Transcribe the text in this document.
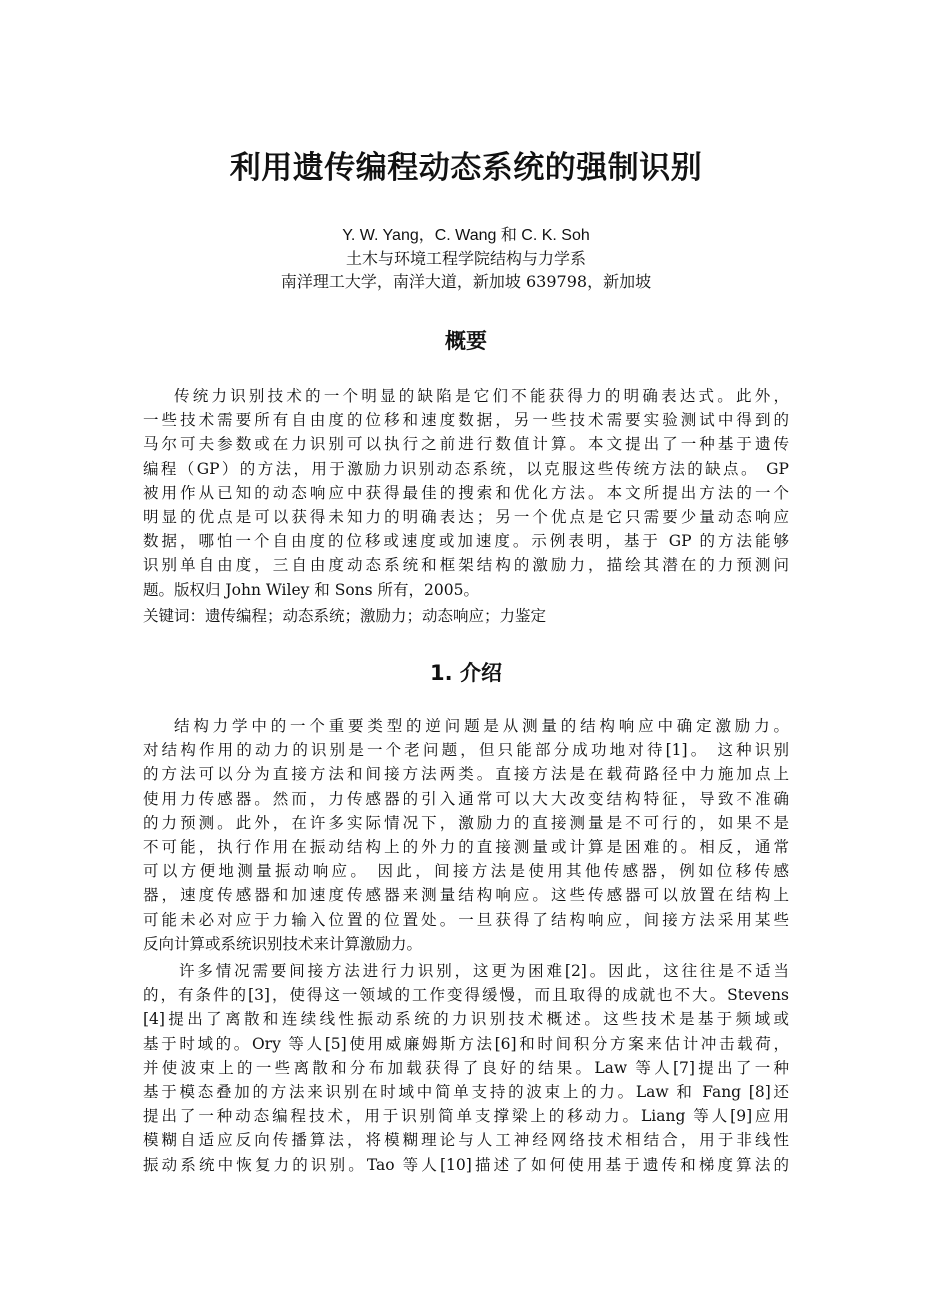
利用遗传编程动态系统的强制识别
Y. W. Yang，C. Wang 和 C. K. Soh
土木与环境工程学院结构与力学系
南洋理工大学，南洋大道，新加坡 639798，新加坡
概要
传统力识别技术的一个明显的缺陷是它们不能获得力的明确表达式。此外，
一些技术需要所有自由度的位移和速度数据，另一些技术需要实验测试中得到的
马尔可夫参数或在力识别可以执行之前进行数值计算。本文提出了一种基于遗传
编程（GP）的方法，用于激励力识别动态系统，以克服这些传统方法的缺点。 GP
被用作从已知的动态响应中获得最佳的搜索和优化方法。本文所提出方法的一个
明显的优点是可以获得未知力的明确表达；另一个优点是它只需要少量动态响应
数据，哪怕一个自由度的位移或速度或加速度。示例表明，基于 GP 的方法能够
识别单自由度，三自由度动态系统和框架结构的激励力，描绘其潜在的力预测问
题。版权归 John Wiley 和 Sons 所有，2005。
关键词：遗传编程；动态系统；激励力；动态响应；力鉴定
1. 介绍
结构力学中的一个重要类型的逆问题是从测量的结构响应中确定激励力。
对结构作用的动力的识别是一个老问题，但只能部分成功地对待[1]。 这种识别
的方法可以分为直接方法和间接方法两类。直接方法是在载荷路径中力施加点上
使用力传感器。然而，力传感器的引入通常可以大大改变结构特征，导致不准确
的力预测。此外，在许多实际情况下，激励力的直接测量是不可行的，如果不是
不可能，执行作用在振动结构上的外力的直接测量或计算是困难的。相反，通常
可以方便地测量振动响应。 因此，间接方法是使用其他传感器，例如位移传感
器，速度传感器和加速度传感器来测量结构响应。这些传感器可以放置在结构上
可能未必对应于力输入位置的位置处。一旦获得了结构响应，间接方法采用某些
反向计算或系统识别技术来计算激励力。
许多情况需要间接方法进行力识别，这更为困难[2]。因此，这往往是不适当
的，有条件的[3]，使得这一领域的工作变得缓慢，而且取得的成就也不大。Stevens
[4]提出了离散和连续线性振动系统的力识别技术概述。这些技术是基于频域或
基于时域的。Ory 等人[5]使用威廉姆斯方法[6]和时间积分方案来估计冲击载荷，
并使波束上的一些离散和分布加载获得了良好的结果。Law 等人[7]提出了一种
基于模态叠加的方法来识别在时域中简单支持的波束上的力。Law 和 Fang [8]还
提出了一种动态编程技术，用于识别简单支撑梁上的移动力。Liang 等人[9]应用
模糊自适应反向传播算法，将模糊理论与人工神经网络技术相结合，用于非线性
振动系统中恢复力的识别。Tao 等人[10]描述了如何使用基于遗传和梯度算法的
